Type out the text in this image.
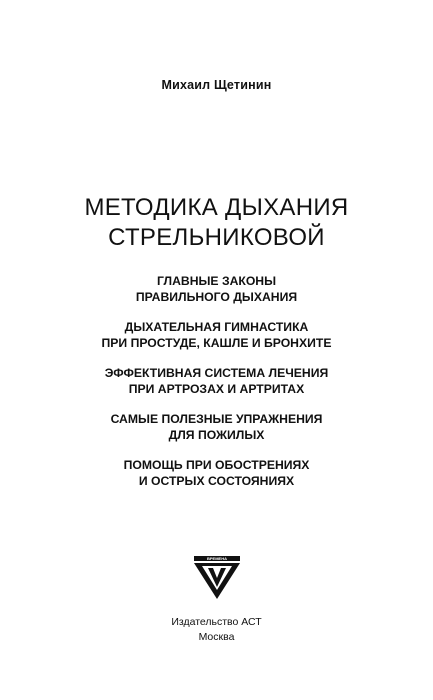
Михаил Щетинин
МЕТОДИКА ДЫХАНИЯ
СТРЕЛЬНИКОВОЙ
ГЛАВНЫЕ ЗАКОНЫ
ПРАВИЛЬНОГО ДЫХАНИЯ
ДЫХАТЕЛЬНАЯ ГИМНАСТИКА
ПРИ ПРОСТУДЕ, КАШЛЕ И БРОНХИТЕ
ЭФФЕКТИВНАЯ СИСТЕМА ЛЕЧЕНИЯ
ПРИ АРТРОЗАХ И АРТРИТАХ
САМЫЕ ПОЛЕЗНЫЕ УПРАЖНЕНИЯ
ДЛЯ ПОЖИЛЫХ
ПОМОЩЬ ПРИ ОБОСТРЕНИЯХ
И ОСТРЫХ СОСТОЯНИЯХ
ВРЕМЕНА
Издательство АСТ
Москва
